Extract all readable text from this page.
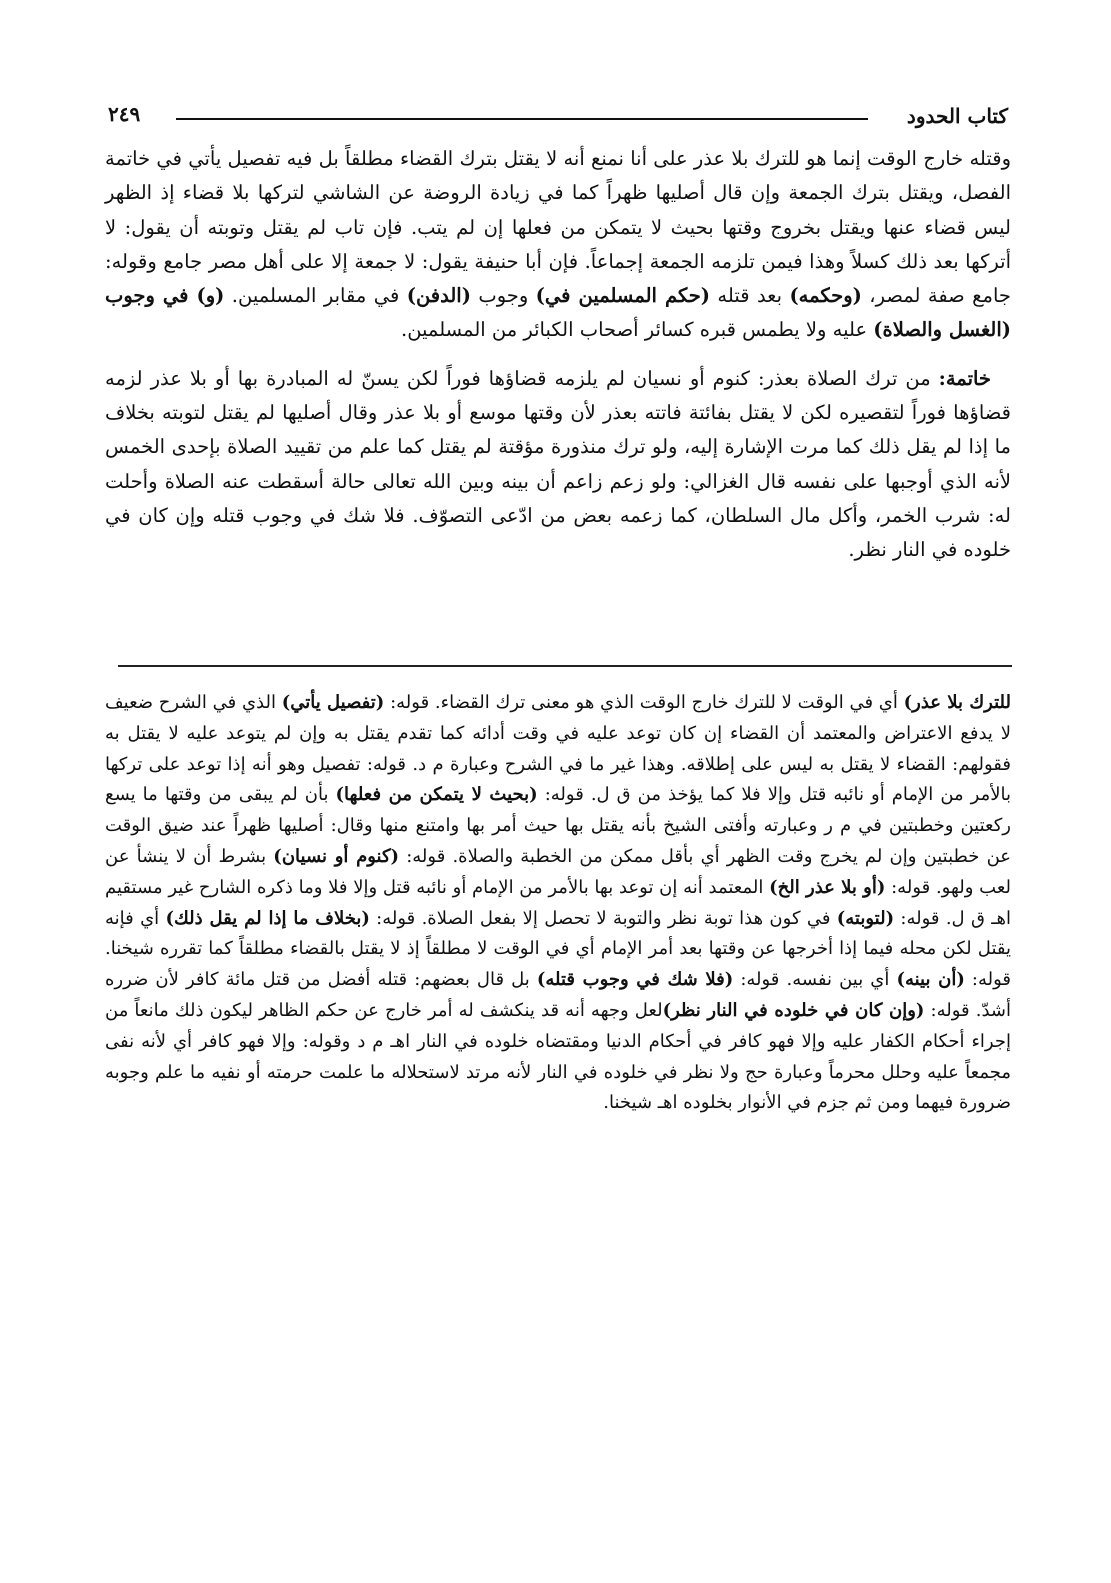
كتاب الحدود
٢٤٩

وقتله خارج الوقت إنما هو للترك بلا عذر على أنا نمنع أنه لا يقتل بترك القضاء مطلقاً بل فيه تفصيل يأتي في خاتمة الفصل، ويقتل بترك الجمعة وإن قال أصليها ظهراً كما في زيادة الروضة عن الشاشي لتركها بلا قضاء إذ الظهر ليس قضاء عنها ويقتل بخروج وقتها بحيث لا يتمكن من فعلها إن لم يتب. فإن تاب لم يقتل وتوبته أن يقول: لا أتركها بعد ذلك كسلاً وهذا فيمن تلزمه الجمعة إجماعاً. فإن أبا حنيفة يقول: لا جمعة إلا على أهل مصر جامع وقوله: جامع صفة لمصر، (وحكمه) بعد قتله (حكم المسلمين في) وجوب (الدفن) في مقابر المسلمين. (و) في وجوب (الغسل والصلاة) عليه ولا يطمس قبره كسائر أصحاب الكبائر من المسلمين.

خاتمة: من ترك الصلاة بعذر: كنوم أو نسيان لم يلزمه قضاؤها فوراً لكن يسنّ له المبادرة بها أو بلا عذر لزمه قضاؤها فوراً لتقصيره لكن لا يقتل بفائتة فاتته بعذر لأن وقتها موسع أو بلا عذر وقال أصليها لم يقتل لتوبته بخلاف ما إذا لم يقل ذلك كما مرت الإشارة إليه، ولو ترك منذورة مؤقتة لم يقتل كما علم من تقييد الصلاة بإحدى الخمس لأنه الذي أوجبها على نفسه قال الغزالي: ولو زعم زاعم أن بينه وبين الله تعالى حالة أسقطت عنه الصلاة وأحلت له: شرب الخمر، وأكل مال السلطان، كما زعمه بعض من ادّعى التصوّف. فلا شك في وجوب قتله وإن كان في خلوده في النار نظر.

للترك بلا عذر) أي في الوقت لا للترك خارج الوقت الذي هو معنى ترك القضاء. قوله: (تفصيل يأتي) الذي في الشرح ضعيف لا يدفع الاعتراض والمعتمد أن القضاء إن كان توعد عليه في وقت أدائه كما تقدم يقتل به وإن لم يتوعد عليه لا يقتل به فقولهم: القضاء لا يقتل به ليس على إطلاقه. وهذا غير ما في الشرح وعبارة م د. قوله: تفصيل وهو أنه إذا توعد على تركها بالأمر من الإمام أو نائبه قتل وإلا فلا كما يؤخذ من ق ل. قوله: (بحيث لا يتمكن من فعلها) بأن لم يبقى من وقتها ما يسع ركعتين وخطبتين في م ر وعبارته وأفتى الشيخ بأنه يقتل بها حيث أمر بها وامتنع منها وقال: أصليها ظهراً عند ضيق الوقت عن خطبتين وإن لم يخرج وقت الظهر أي بأقل ممكن من الخطبة والصلاة. قوله: (كنوم أو نسيان) بشرط أن لا ينشأ عن لعب ولهو. قوله: (أو بلا عذر الخ) المعتمد أنه إن توعد بها بالأمر من الإمام أو نائبه قتل وإلا فلا وما ذكره الشارح غير مستقيم اهـ ق ل. قوله: (لتوبته) في كون هذا توبة نظر والتوبة لا تحصل إلا بفعل الصلاة. قوله: (بخلاف ما إذا لم يقل ذلك) أي فإنه يقتل لكن محله فيما إذا أخرجها عن وقتها بعد أمر الإمام أي في الوقت لا مطلقاً إذ لا يقتل بالقضاء مطلقاً كما تقرره شيخنا. قوله: (أن بينه) أي بين نفسه. قوله: (فلا شك في وجوب قتله) بل قال بعضهم: قتله أفضل من قتل مائة كافر لأن ضرره أشدّ. قوله: (وإن كان في خلوده في النار نظر)لعل وجهه أنه قد ينكشف له أمر خارج عن حكم الظاهر ليكون ذلك مانعاً من إجراء أحكام الكفار عليه وإلا فهو كافر في أحكام الدنيا ومقتضاه خلوده في النار اهـ م د وقوله: وإلا فهو كافر أي لأنه نفى مجمعاً عليه وحلل محرماً وعبارة حج ولا نظر في خلوده في النار لأنه مرتد لاستحلاله ما علمت حرمته أو نفيه ما علم وجوبه ضرورة فيهما ومن ثم جزم في الأنوار بخلوده اهـ شيخنا.
